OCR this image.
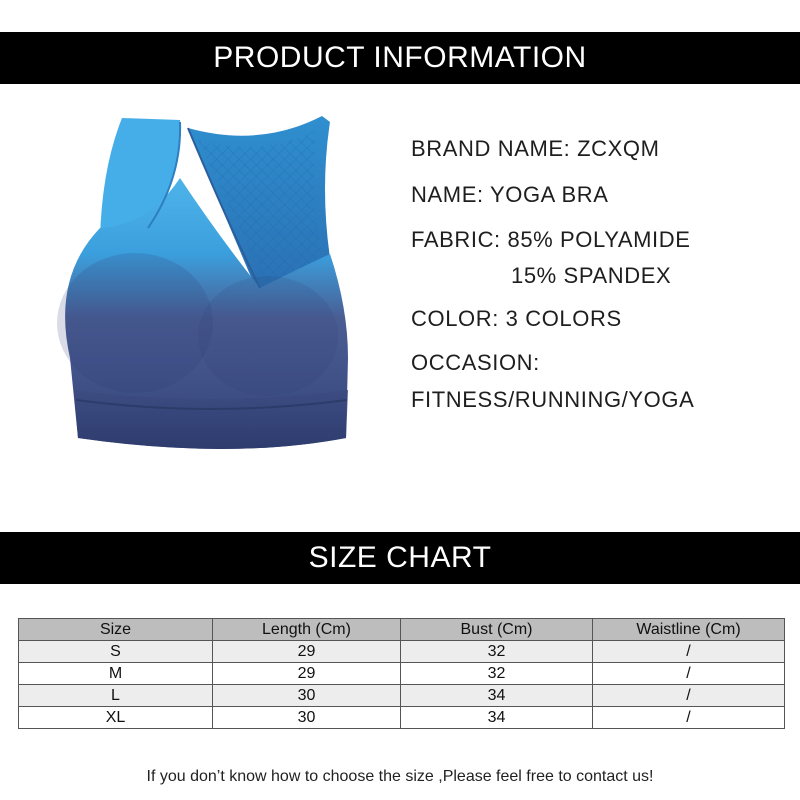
PRODUCT INFORMATION
BRAND NAME: ZCXQM
NAME: YOGA BRA
FABRIC: 85% POLYAMIDE
15% SPANDEX
COLOR: 3 COLORS
OCCASION:
FITNESS/RUNNING/YOGA
SIZE CHART
Size	Length (Cm)	Bust (Cm)	Waistline (Cm)
S	29	32	/
M	29	32	/
L	30	34	/
XL	30	34	/
If you don’t know how to choose the size ,Please feel free to contact us!
